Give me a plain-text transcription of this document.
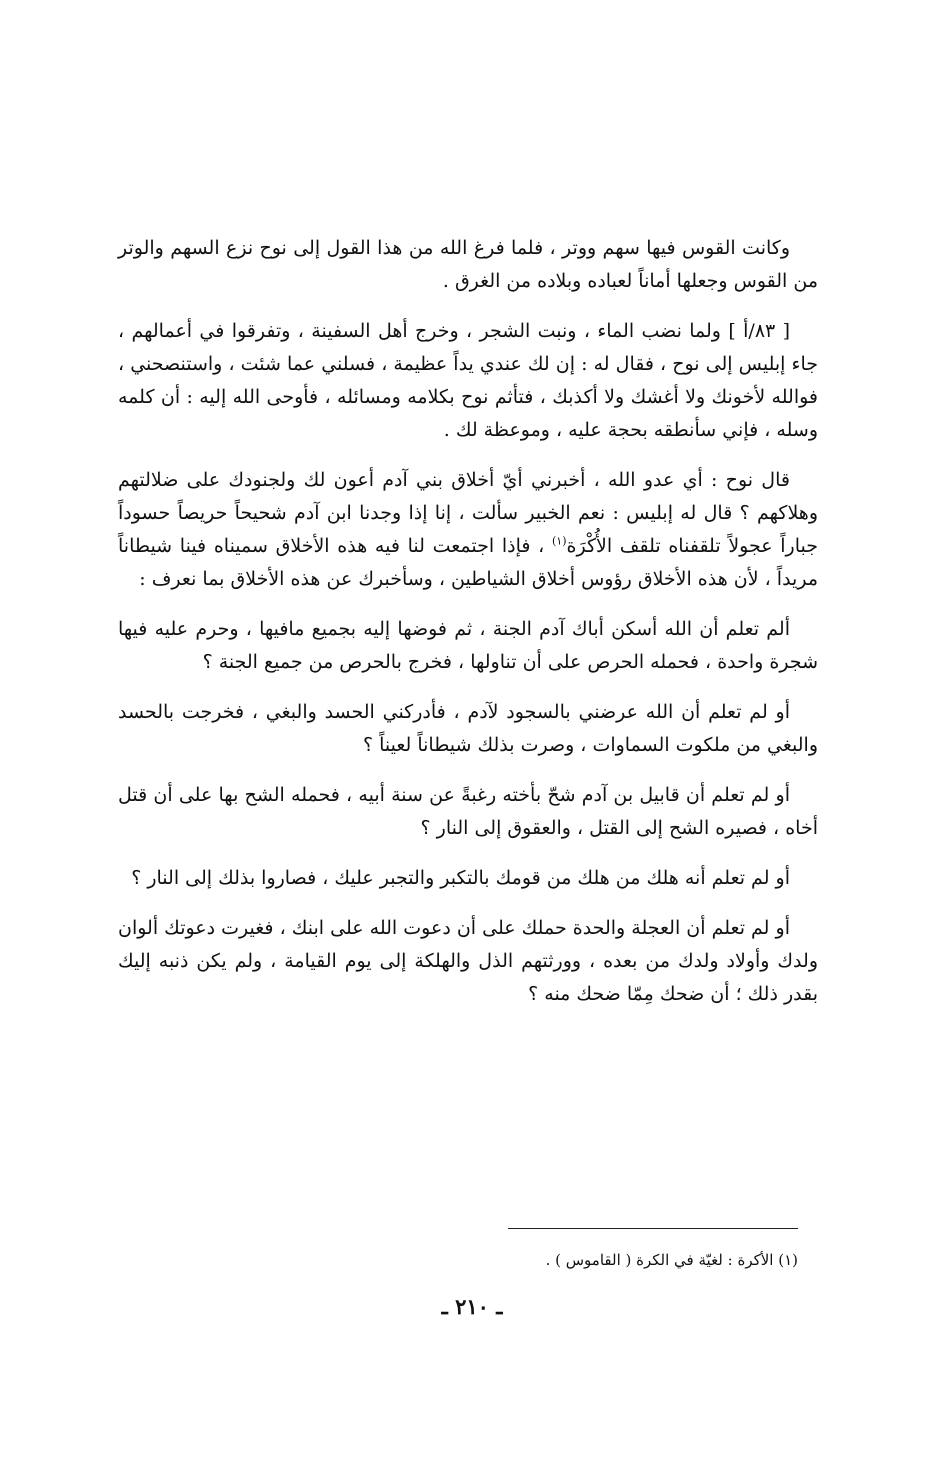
وكانت القوس فيها سهم ووتر ، فلما فرغ الله من هذا القول إلى نوح نزع السهم والوتر من القوس وجعلها أماناً لعباده وبلاده من الغرق .

[ ٨٣/أ ] ولما نضب الماء ، ونبت الشجر ، وخرج أهل السفينة ، وتفرقوا في أعمالهم ، جاء إبليس إلى نوح ، فقال له : إن لك عندي يداً عظيمة ، فسلني عما شئت ، واستنصحني ، فوالله لأخونك ولا أغشك ولا أكذبك ، فتأثم نوح بكلامه ومسائله ، فأوحى الله إليه : أن كلمه وسله ، فإني سأنطقه بحجة عليه ، وموعظة لك .

قال نوح : أي عدو الله ، أخبرني أيّ أخلاق بني آدم أعون لك ولجنودك على ضلالتهم وهلاكهم ؟ قال له إبليس : نعم الخبير سألت ، إنا إذا وجدنا ابن آدم شحيحاً حريصاً حسوداً جباراً عجولاً تلقفناه تلقف الأُكْرَة$^{(١)}$ ، فإذا اجتمعت لنا فيه هذه الأخلاق سميناه فينا شيطاناً مريداً ، لأن هذه الأخلاق رؤوس أخلاق الشياطين ، وسأخبرك عن هذه الأخلاق بما نعرف :

ألم تعلم أن الله أسكن أباك آدم الجنة ، ثم فوضها إليه بجميع مافيها ، وحرم عليه فيها شجرة واحدة ، فحمله الحرص على أن تناولها ، فخرج بالحرص من جميع الجنة ؟

أو لم تعلم أن الله عرضني بالسجود لآدم ، فأدركني الحسد والبغي ، فخرجت بالحسد والبغي من ملكوت السماوات ، وصرت بذلك شيطاناً لعيناً ؟

أو لم تعلم أن قابيل بن آدم شحّ بأخته رغبةً عن سنة أبيه ، فحمله الشح بها على أن قتل أخاه ، فصيره الشح إلى القتل ، والعقوق إلى النار ؟

أو لم تعلم أنه هلك من هلك من قومك بالتكبر والتجبر عليك ، فصاروا بذلك إلى النار ؟

أو لم تعلم أن العجلة والحدة حملك على أن دعوت الله على ابنك ، فغيرت دعوتك ألوان ولدك وأولاد ولدك من بعده ، وورثتهم الذل والهلكة إلى يوم القيامة ، ولم يكن ذنبه إليك بقدر ذلك ؛ أن ضحك مِمّا ضحك منه ؟

(١) الأكرة : لغيّة في الكرة ( القاموس ) .
ـ ٢١٠ ـ
